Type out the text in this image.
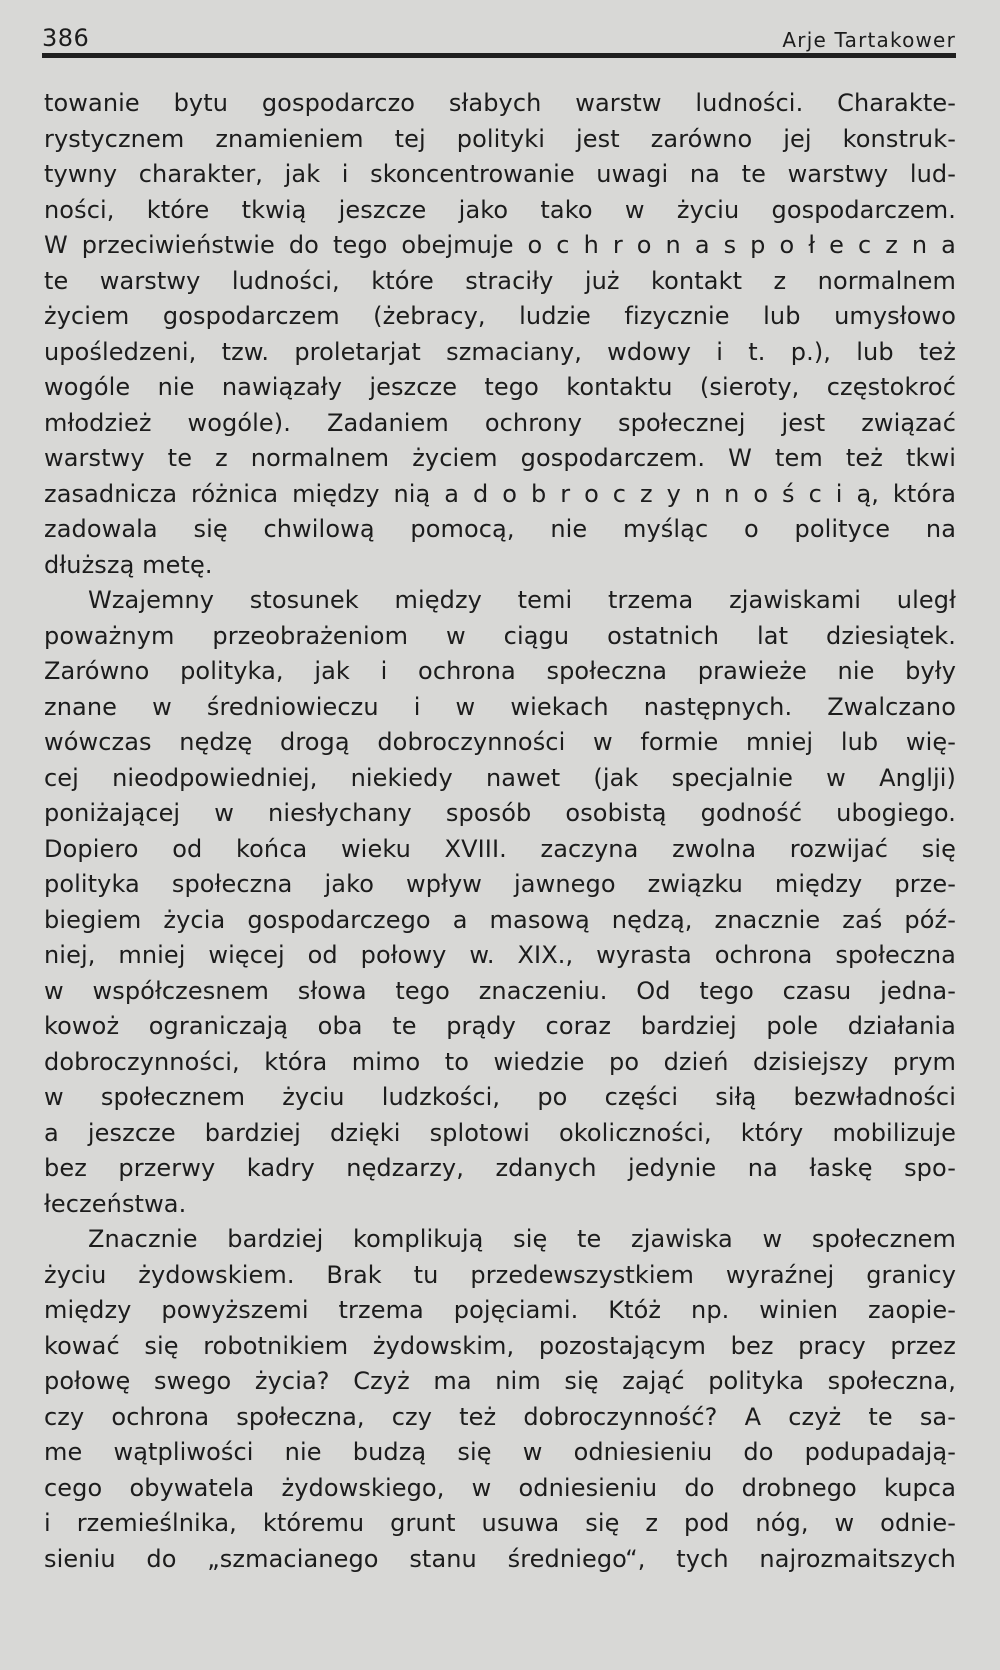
386	Arje Tartakower
towanie bytu gospodarczo słabych warstw ludności. Charakte-
rystycznem znamieniem tej polityki jest zarówno jej konstruk-
tywny charakter, jak i skoncentrowanie uwagi na te warstwy lud-
ności, które tkwią jeszcze jako tako w życiu gospodarczem.
W przeciwieństwie do tego obejmuje o c h r o n a s p o ł e c z n a
te warstwy ludności, które straciły już kontakt z normalnem
życiem gospodarczem (żebracy, ludzie fizycznie lub umysłowo
upośledzeni, tzw. proletarjat szmaciany, wdowy i t. p.), lub też
wogóle nie nawiązały jeszcze tego kontaktu (sieroty, częstokroć
młodzież wogóle). Zadaniem ochrony społecznej jest związać
warstwy te z normalnem życiem gospodarczem. W tem też tkwi
zasadnicza różnica między nią a d o b r o c z y n n o ś c i ą, która
zadowala się chwilową pomocą, nie myśląc o polityce na
dłuższą metę.
Wzajemny stosunek między temi trzema zjawiskami uległ
poważnym przeobrażeniom w ciągu ostatnich lat dziesiątek.
Zarówno polityka, jak i ochrona społeczna prawieże nie były
znane w średniowieczu i w wiekach następnych. Zwalczano
wówczas nędzę drogą dobroczynności w formie mniej lub wię-
cej nieodpowiedniej, niekiedy nawet (jak specjalnie w Anglji)
poniżającej w niesłychany sposób osobistą godność ubogiego.
Dopiero od końca wieku XVIII. zaczyna zwolna rozwijać się
polityka społeczna jako wpływ jawnego związku między prze-
biegiem życia gospodarczego a masową nędzą, znacznie zaś póź-
niej, mniej więcej od połowy w. XIX., wyrasta ochrona społeczna
w współczesnem słowa tego znaczeniu. Od tego czasu jedna-
kowoż ograniczają oba te prądy coraz bardziej pole działania
dobroczynności, która mimo to wiedzie po dzień dzisiejszy prym
w społecznem życiu ludzkości, po części siłą bezwładności
a jeszcze bardziej dzięki splotowi okoliczności, który mobilizuje
bez przerwy kadry nędzarzy, zdanych jedynie na łaskę spo-
łeczeństwa.
Znacznie bardziej komplikują się te zjawiska w społecznem
życiu żydowskiem. Brak tu przedewszystkiem wyraźnej granicy
między powyższemi trzema pojęciami. Któż np. winien zaopie-
kować się robotnikiem żydowskim, pozostającym bez pracy przez
połowę swego życia? Czyż ma nim się zająć polityka społeczna,
czy ochrona społeczna, czy też dobroczynność? A czyż te sa-
me wątpliwości nie budzą się w odniesieniu do podupadają-
cego obywatela żydowskiego, w odniesieniu do drobnego kupca
i rzemieślnika, któremu grunt usuwa się z pod nóg, w odnie-
sieniu do „szmacianego stanu średniego“, tych najrozmaitszych
